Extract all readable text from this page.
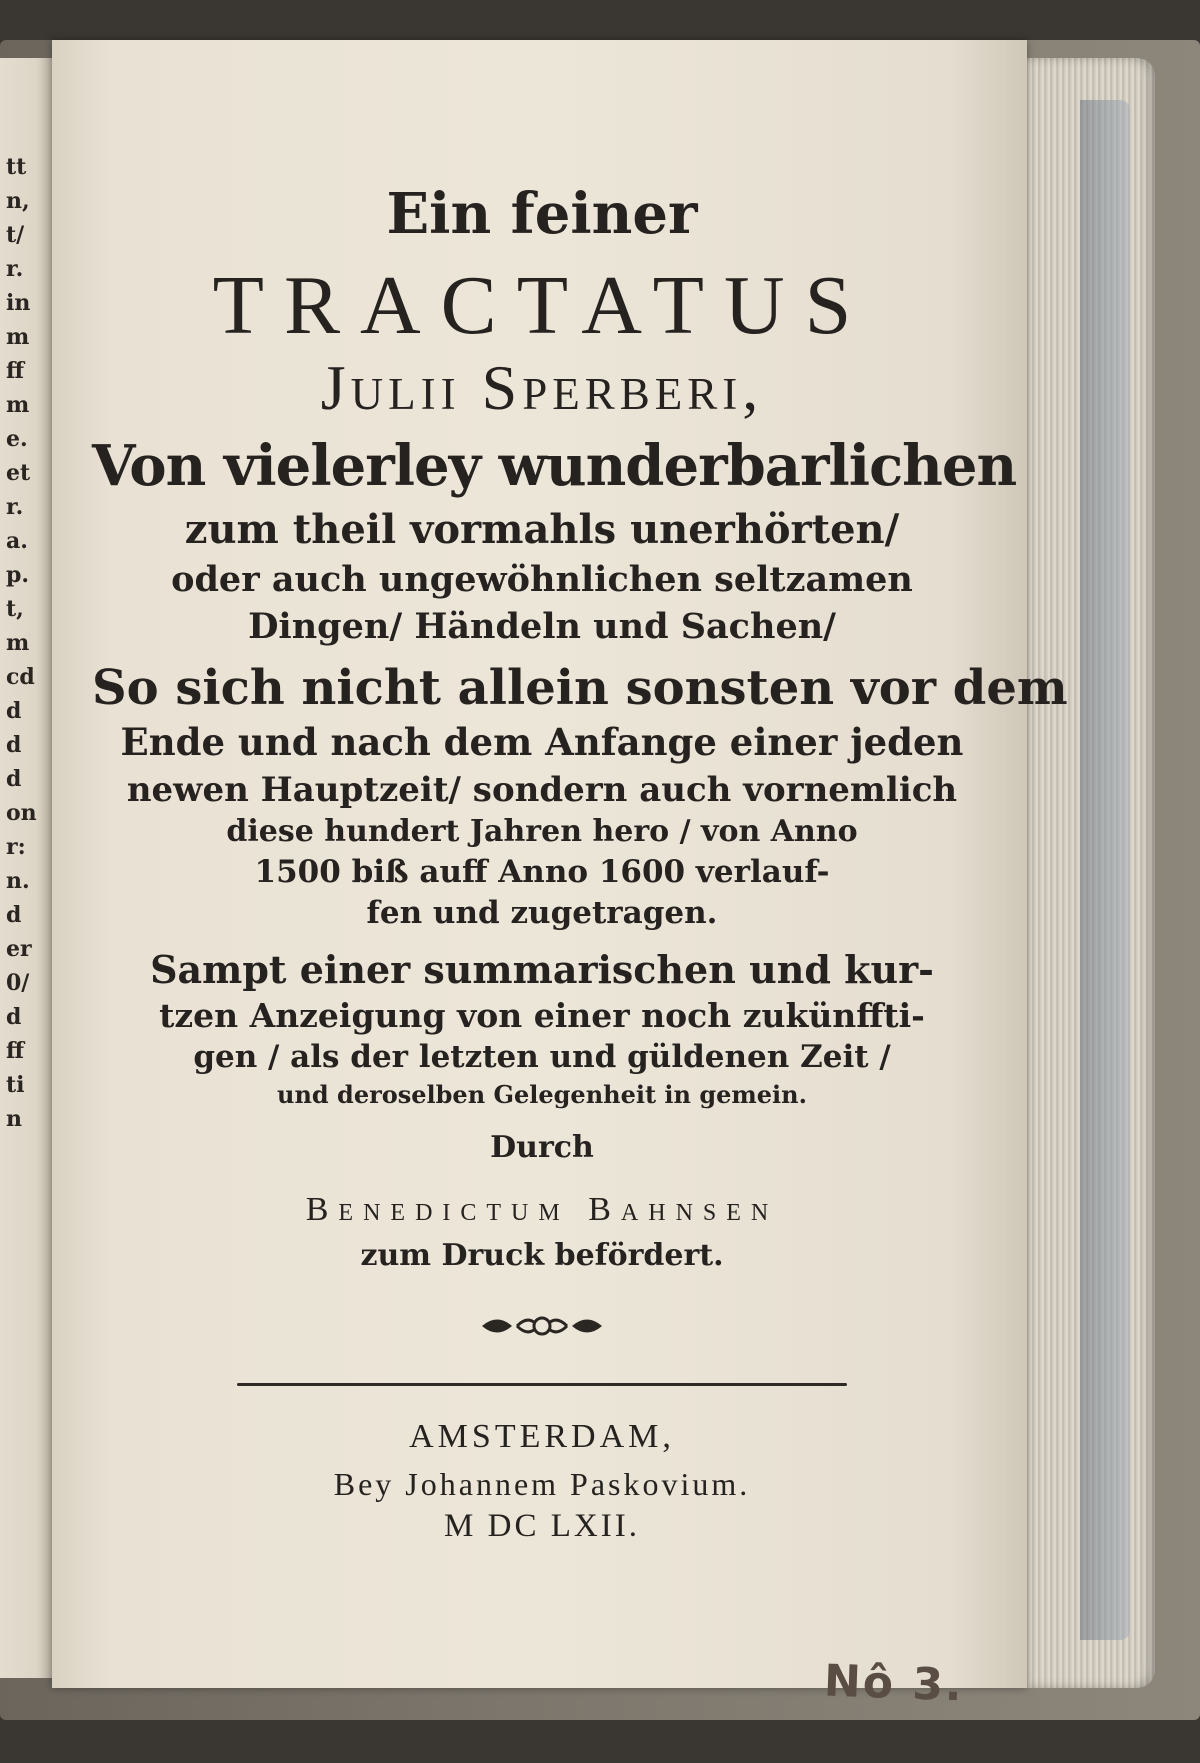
tt
n,
t/
r.
in
m
ff
m
e.
et
r.
a.
p.
t,
m
cd
d
d
d
on
r:
n.
d
er
0/
d
ff
ti
n
Ein feiner
TRACTATUS
Julii Sperberi,
Von vielerley wunderbarlichen
zum theil vormahls unerhörten/
oder auch ungewöhnlichen seltzamen
Dingen/ Händeln und Sachen/
So sich nicht allein sonsten vor dem
Ende und nach dem Anfange einer jeden
newen Hauptzeit/ sondern auch vornemlich
diese hundert Jahren hero / von Anno
1500 biß auff Anno 1600 verlauf-
fen und zugetragen.
Sampt einer summarischen und kur-
tzen Anzeigung von einer noch zukünffti-
gen / als der letzten und güldenen Zeit /
und deroselben Gelegenheit in gemein.
Durch
Benedictum Bahnsen
zum Druck befördert.
AMSTERDAM,
Bey Johannem Paskovium.
M DC LXII.
Nô 3.
